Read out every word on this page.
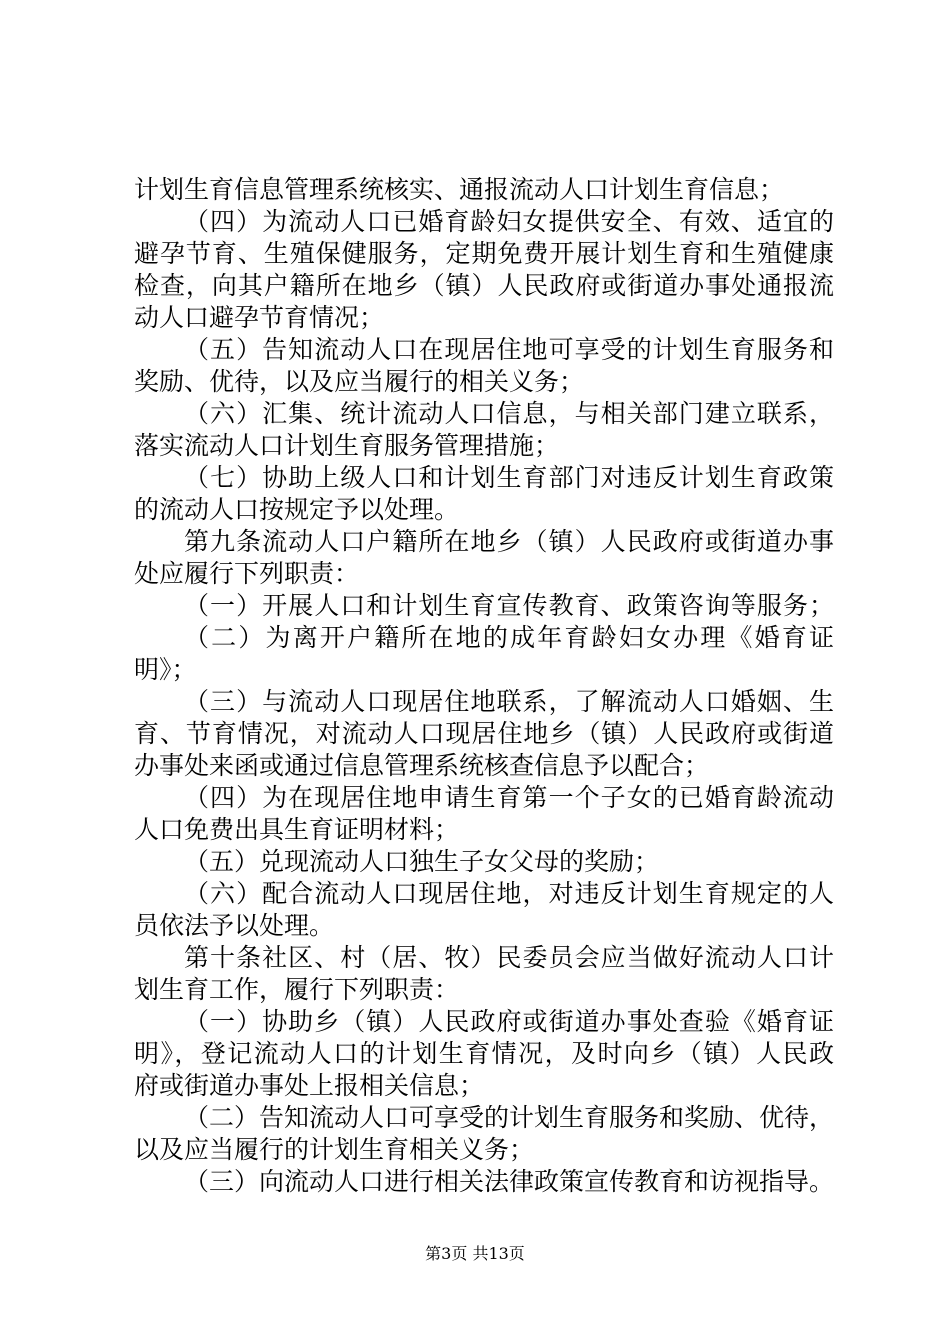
计划生育信息管理系统核实、通报流动人口计划生育信息；
（四）为流动人口已婚育龄妇女提供安全、有效、适宜的
避孕节育、生殖保健服务，定期免费开展计划生育和生殖健康
检查，向其户籍所在地乡（镇）人民政府或街道办事处通报流
动人口避孕节育情况；
（五）告知流动人口在现居住地可享受的计划生育服务和
奖励、优待，以及应当履行的相关义务；
（六）汇集、统计流动人口信息，与相关部门建立联系，
落实流动人口计划生育服务管理措施；
（七）协助上级人口和计划生育部门对违反计划生育政策
的流动人口按规定予以处理。
第九条流动人口户籍所在地乡（镇）人民政府或街道办事
处应履行下列职责：
（一）开展人口和计划生育宣传教育、政策咨询等服务；
（二）为离开户籍所在地的成年育龄妇女办理《婚育证
明》；
（三）与流动人口现居住地联系，了解流动人口婚姻、生
育、节育情况，对流动人口现居住地乡（镇）人民政府或街道
办事处来函或通过信息管理系统核查信息予以配合；
（四）为在现居住地申请生育第一个子女的已婚育龄流动
人口免费出具生育证明材料；
（五）兑现流动人口独生子女父母的奖励；
（六）配合流动人口现居住地，对违反计划生育规定的人
员依法予以处理。
第十条社区、村（居、牧）民委员会应当做好流动人口计
划生育工作，履行下列职责：
（一）协助乡（镇）人民政府或街道办事处查验《婚育证
明》，登记流动人口的计划生育情况，及时向乡（镇）人民政
府或街道办事处上报相关信息；
（二）告知流动人口可享受的计划生育服务和奖励、优待，
以及应当履行的计划生育相关义务；
（三）向流动人口进行相关法律政策宣传教育和访视指导。
第3页 共13页
